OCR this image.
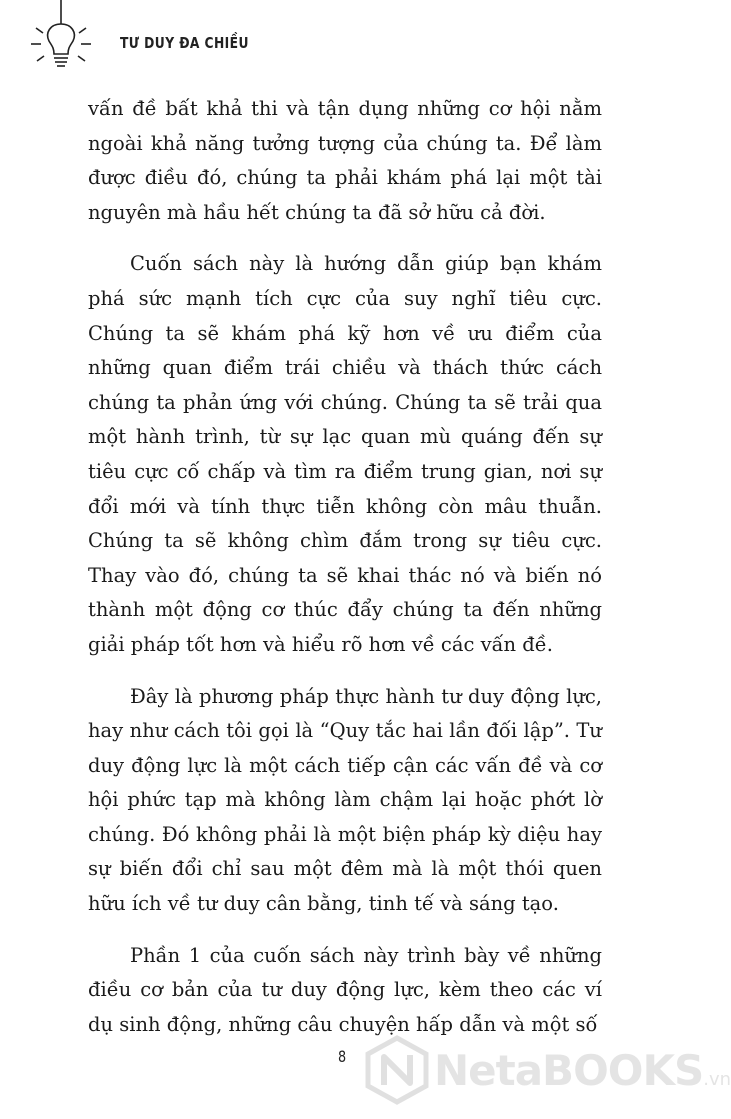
TƯ DUY ĐA CHIỀU

vấn đề bất khả thi và tận dụng những cơ hội nằm ngoài khả năng tưởng tượng của chúng ta. Để làm được điều đó, chúng ta phải khám phá lại một tài nguyên mà hầu hết chúng ta đã sở hữu cả đời.

Cuốn sách này là hướng dẫn giúp bạn khám phá sức mạnh tích cực của suy nghĩ tiêu cực. Chúng ta sẽ khám phá kỹ hơn về ưu điểm của những quan điểm trái chiều và thách thức cách chúng ta phản ứng với chúng. Chúng ta sẽ trải qua một hành trình, từ sự lạc quan mù quáng đến sự tiêu cực cố chấp và tìm ra điểm trung gian, nơi sự đổi mới và tính thực tiễn không còn mâu thuẫn. Chúng ta sẽ không chìm đắm trong sự tiêu cực. Thay vào đó, chúng ta sẽ khai thác nó và biến nó thành một động cơ thúc đẩy chúng ta đến những giải pháp tốt hơn và hiểu rõ hơn về các vấn đề.

Đây là phương pháp thực hành tư duy động lực, hay như cách tôi gọi là “Quy tắc hai lần đối lập”. Tư duy động lực là một cách tiếp cận các vấn đề và cơ hội phức tạp mà không làm chậm lại hoặc phớt lờ chúng. Đó không phải là một biện pháp kỳ diệu hay sự biến đổi chỉ sau một đêm mà là một thói quen hữu ích về tư duy cân bằng, tinh tế và sáng tạo.

Phần 1 của cuốn sách này trình bày về những điều cơ bản của tư duy động lực, kèm theo các ví dụ sinh động, những câu chuyện hấp dẫn và một số

8 NetaBOOKS.vn
